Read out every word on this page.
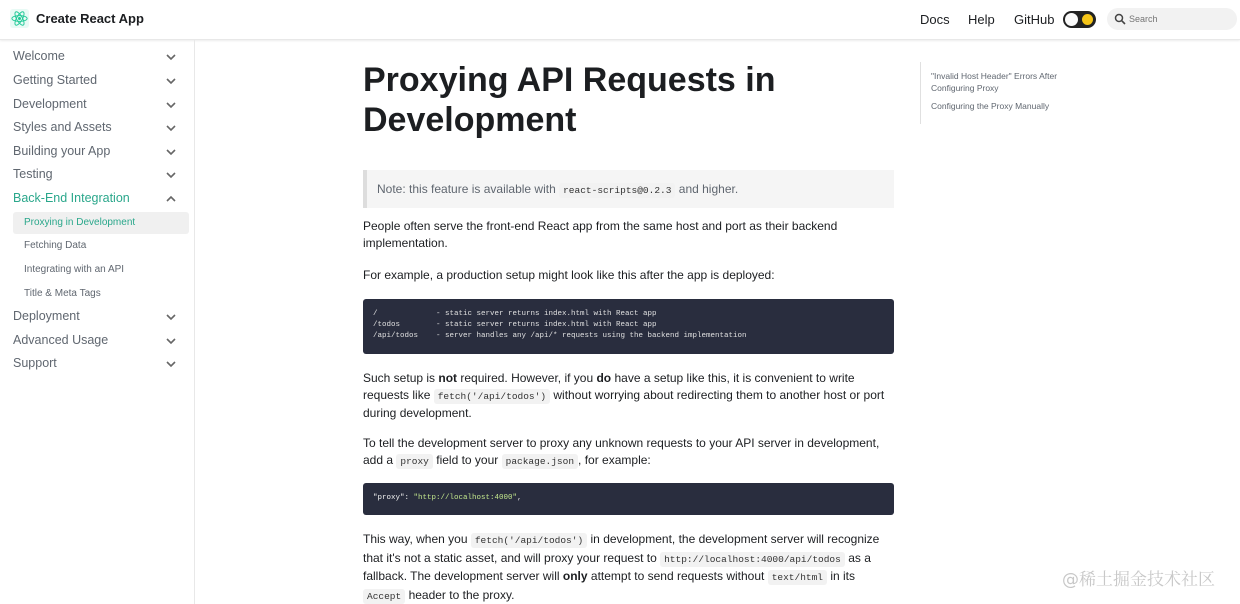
Create React App	Docs Help GitHub
Search
Welcome
Getting Started
Development
Styles and Assets
Building your App
Testing
Back-End Integration
Proxying in Development
Fetching Data
Integrating with an API
Title & Meta Tags
Deployment
Advanced Usage
Support
Proxying API Requests in Development
Note: this feature is available with react-scripts@0.2.3 and higher.

People often serve the front-end React app from the same host and port as their backend implementation.

For example, a production setup might look like this after the app is deployed:

/             - static server returns index.html with React app
/todos        - static server returns index.html with React app
/api/todos    - server handles any /api/* requests using the backend implementation

Such setup is not required. However, if you do have a setup like this, it is convenient to write requests like fetch('/api/todos') without worrying about redirecting them to another host or port during development.

To tell the development server to proxy any unknown requests to your API server in development, add a proxy field to your package.json , for example:

"proxy": "http://localhost:4000",

This way, when you fetch('/api/todos') in development, the development server will recognize that it's not a static asset, and will proxy your request to http://localhost:4000/api/todos as a fallback. The development server will only attempt to send requests without text/html in its Accept header to the proxy.

"Invalid Host Header" Errors After Configuring Proxy
Configuring the Proxy Manually
@稀土掘金技术社区
